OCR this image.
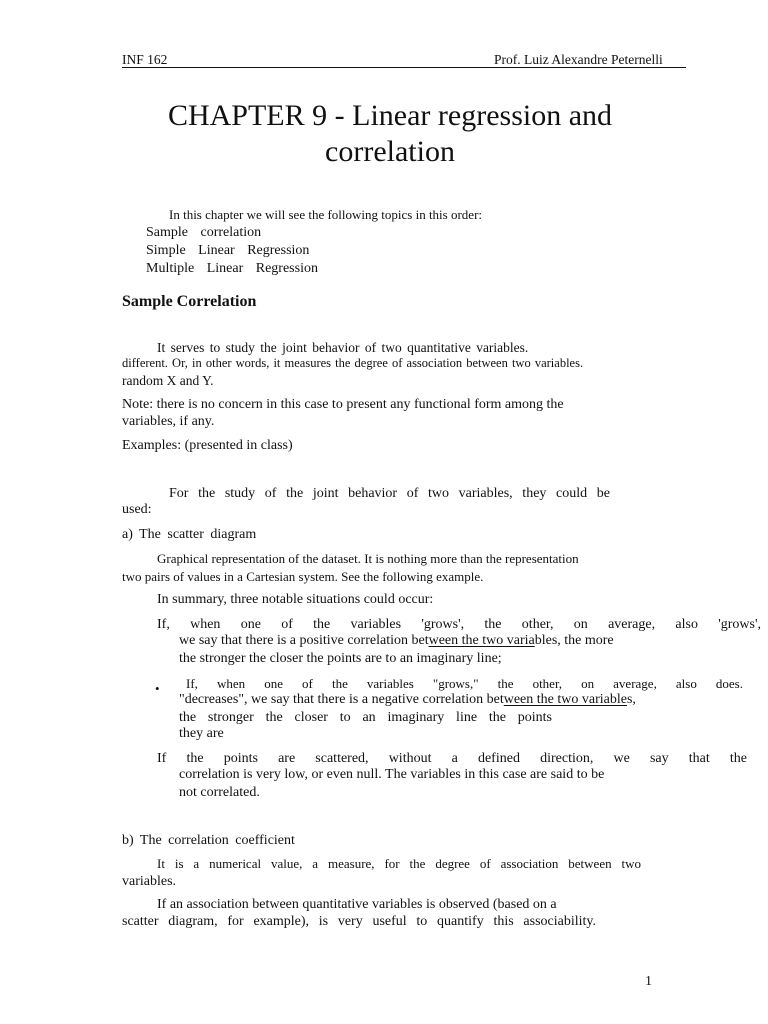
INF 162	Prof. Luiz Alexandre Peternelli
CHAPTER 9 - Linear regression and
correlation
In this chapter we will see the following topics in this order:
Sample correlation
Simple Linear Regression
Multiple Linear Regression
Sample Correlation
It serves to study the joint behavior of two quantitative variables.
different. Or, in other words, it measures the degree of association between two variables.
random X and Y.
Note: there is no concern in this case to present any functional form among the
variables, if any.
Examples: (presented in class)
For the study of the joint behavior of two variables, they could be
used:
a) The scatter diagram
Graphical representation of the dataset. It is nothing more than the representation
two pairs of values in a Cartesian system. See the following example.
In summary, three notable situations could occur:
If, when one of the variables 'grows', the other, on average, also 'grows',
we say that there is a positive correlation between the two variables, the more
the stronger the closer the points are to an imaginary line;
• If, when one of the variables "grows," the other, on average, also does.
"decreases", we say that there is a negative correlation between the two variables,
the stronger the closer to an imaginary line the points
they are
If the points are scattered, without a defined direction, we say that the
correlation is very low, or even null. The variables in this case are said to be
not correlated.
b) The correlation coefficient
It is a numerical value, a measure, for the degree of association between two
variables.
If an association between quantitative variables is observed (based on a
scatter diagram, for example), is very useful to quantify this associability.
1
